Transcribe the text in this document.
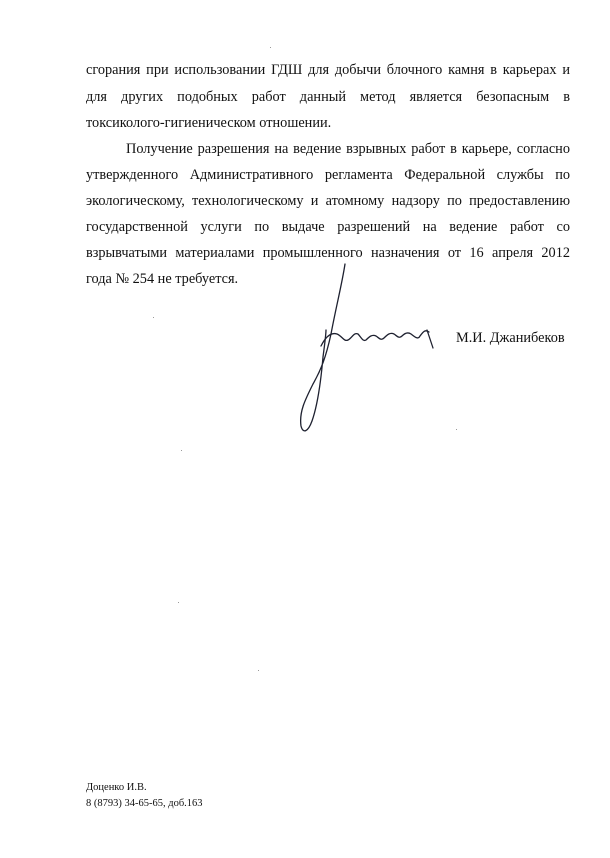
сгорания при использовании ГДШ для добычи блочного камня в карьерах и
для других подобных работ данный метод является безопасным в
токсиколого-гигиеническом отношении.
Получение разрешения на ведение взрывных работ в карьере, согласно
утвержденного Административного регламента Федеральной службы по
экологическому, технологическому и атомному надзору по предоставлению
государственной услуги по выдаче разрешений на ведение работ со
взрывчатыми материалами промышленного назначения от 16 апреля 2012
года № 254 не требуется.
М.И. Джанибеков
Доценко И.В.
8 (8793) 34-65-65, доб.163
